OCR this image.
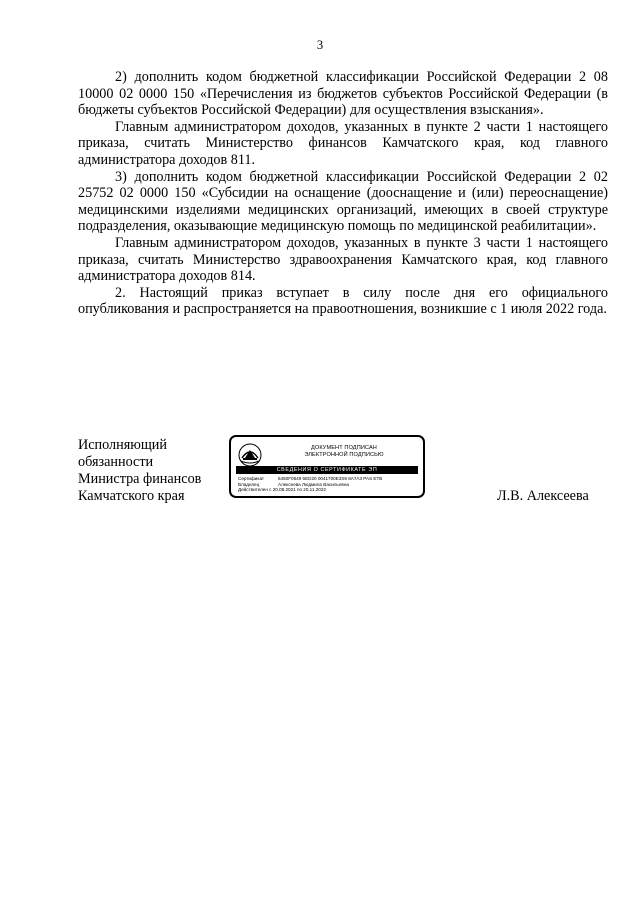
3

2) дополнить кодом бюджетной классификации Российской Федерации 2 08 10000 02 0000 150 «Перечисления из бюджетов субъектов Российской Федерации (в бюджеты субъектов Российской Федерации) для осуществления взыскания».

Главным администратором доходов, указанных в пункте 2 части 1 настоящего приказа, считать Министерство финансов Камчатского края, код главного администратора доходов 811.

3) дополнить кодом бюджетной классификации Российской Федерации 2 02 25752 02 0000 150 «Субсидии на оснащение (дооснащение и (или) переоснащение) медицинскими изделиями медицинских организаций, имеющих в своей структуре подразделения, оказывающие медицинскую помощь по медицинской реабилитации».

Главным администратором доходов, указанных в пункте 3 части 1 настоящего приказа, считать Министерство здравоохранения Камчатского края, код главного администратора доходов 814.

2. Настоящий приказ вступает в силу после дня его официального опубликования и распространяется на правоотношения, возникшие с 1 июля 2022 года.

Исполняющий
обязанности
Министра финансов
Камчатского края
ДОКУМЕНТ ПОДПИСАН
ЭЛЕКТРОННОЙ ПОДПИСЬЮ
СВЕДЕНИЯ О СЕРТИФИКАТЕ ЭП
Сертификат	6450F0649 6ED20 0041700E3S9 6A7A3 PAS ETB
Владелец	Алексеева Людмила Васильевна
Действителен с 20.08.2021 по 20.11.2022	Л.В. Алексеева
